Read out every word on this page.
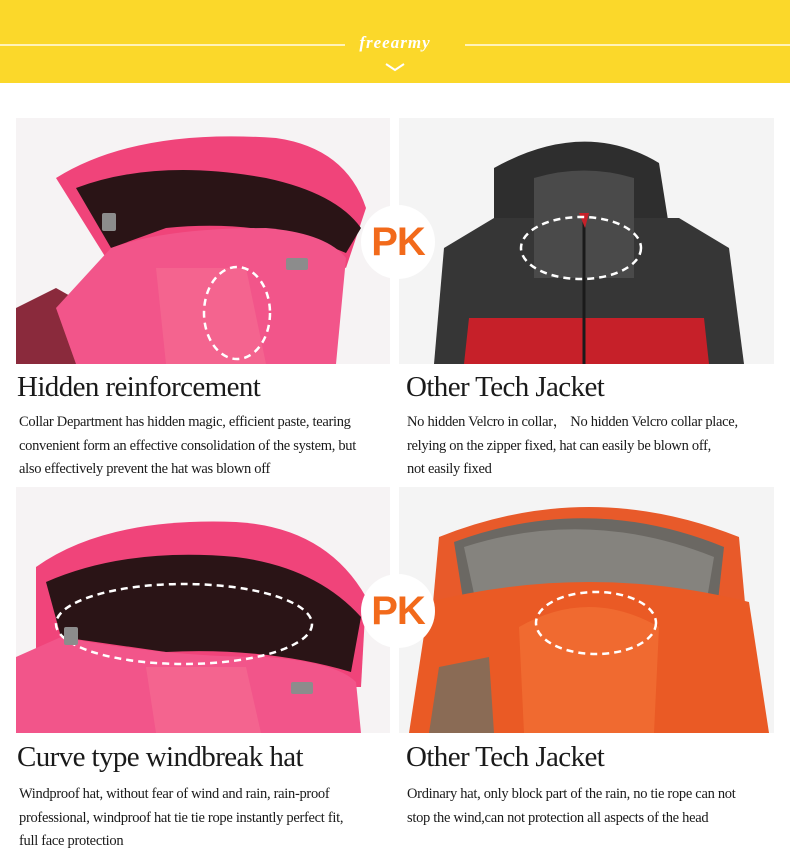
freearmy
PK
Hidden reinforcement
Collar Department has hidden magic, efficient paste, tearing
convenient form an effective consolidation of the system, but
also effectively prevent the hat was blown off
Other Tech Jacket
No hidden Velcro in collar， No hidden Velcro collar place,
relying on the zipper fixed, hat can easily be blown off,
not easily fixed
PK
Curve type windbreak hat
Windproof hat, without fear of wind and rain, rain-proof
professional, windproof hat tie tie rope instantly perfect fit,
full face protection
Other Tech Jacket
Ordinary hat, only block part of the rain, no tie rope can not
stop the wind,can not protection all aspects of the head
